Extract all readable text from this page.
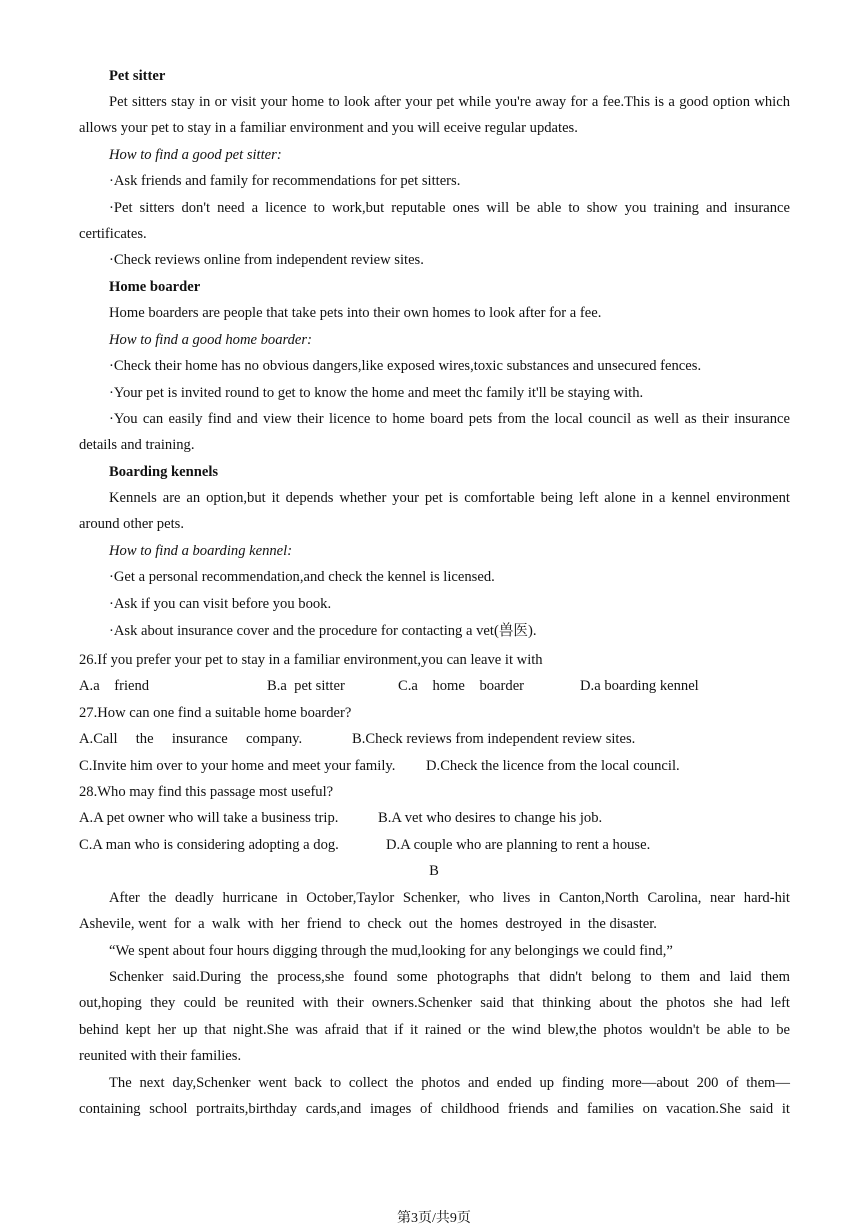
Pet sitter
Pet sitters stay in or visit your home to look after your pet while you're away for a fee.This is a good option which
allows your pet to stay in a familiar environment and you will eceive regular updates.
How to find a good pet sitter:
·Ask friends and family for recommendations for pet sitters.
·Pet sitters don't need a licence to work,but reputable ones will be able to show you training and insurance
certificates.
·Check reviews online from independent review sites.
Home boarder
Home boarders are people that take pets into their own homes to look after for a fee.
How to find a good home boarder:
·Check their home has no obvious dangers,like exposed wires,toxic substances and unsecured fences.
·Your pet is invited round to get to know the home and meet thc family it'll be staying with.
·You can easily find and view their licence to home board pets from the local council as well as their insurance
details and training.
Boarding kennels
Kennels are an option,but it depends whether your pet is comfortable being left alone in a kennel environment
around other pets.
How to find a boarding kennel:
·Get a personal recommendation,and check the kennel is licensed.
·Ask if you can visit before you book.
·Ask about insurance cover and the procedure for contacting a vet(兽医).
26.If you prefer your pet to stay in a familiar environment,you can leave it with
A.a    friend	B.a  pet sitter	C.a    home    boarder	D.a boarding kennel
27.How can one find a suitable home boarder?
A.Call     the     insurance     company.	B.Check reviews from independent review sites.
C.Invite him over to your home and meet your family. D.Check the licence from the local council.
28.Who may find this passage most useful?
A.A pet owner who will take a business trip.	B.A vet who desires to change his job.
C.A man who is considering adopting a dog.	D.A couple who are planning to rent a house.
B
After the deadly hurricane in October,Taylor Schenker, who lives in Canton,North Carolina, near hard-hit
Ashevile, went  for  a  walk  with  her  friend  to  check  out  the  homes  destroyed  in  the disaster.
“We spent about four hours digging through the mud,looking for any belongings we could find,”
Schenker said.During the process,she found some photographs that didn't belong to them and laid them
out,hoping they could be reunited with their owners.Schenker said that thinking about the photos she had left
behind kept her up that night.She was afraid that if it rained or the wind blew,the photos wouldn't be able to be
reunited with their families.
The next day,Schenker went back to collect the photos and ended up finding more—about 200 of them—
containing school portraits,birthday cards,and images of childhood friends and families on vacation.She said it
第3页/共9页
